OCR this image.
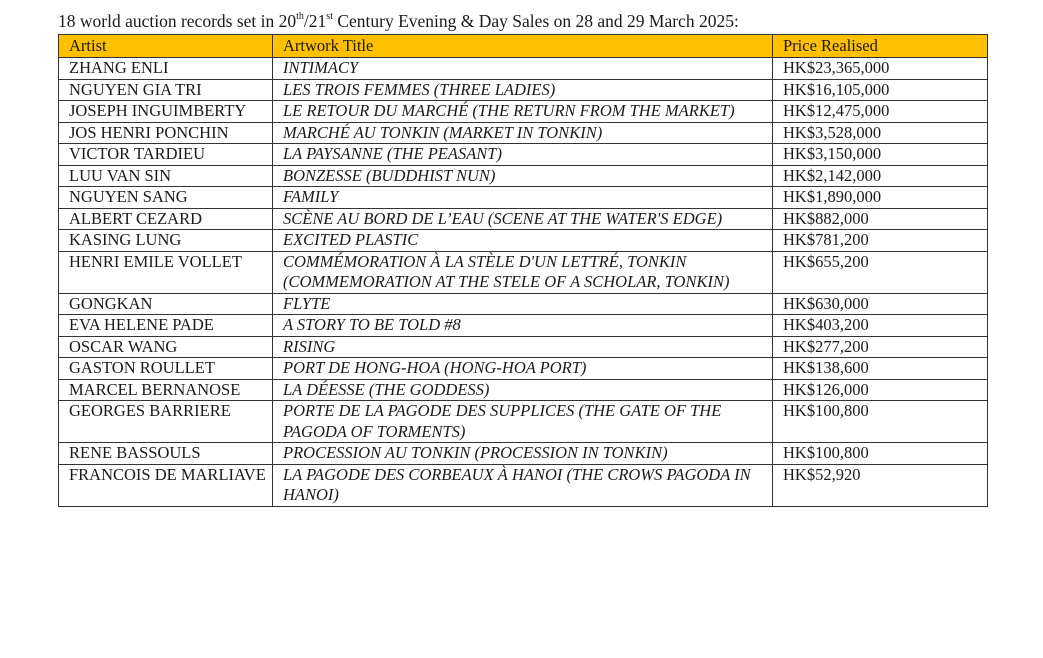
18 world auction records set in 20th/21st Century Evening & Day Sales on 28 and 29 March 2025:
Artist	Artwork Title	Price Realised
ZHANG ENLI	INTIMACY	HK$23,365,000
NGUYEN GIA TRI	LES TROIS FEMMES (THREE LADIES)	HK$16,105,000
JOSEPH INGUIMBERTY	LE RETOUR DU MARCHÉ (THE RETURN FROM THE MARKET)	HK$12,475,000
JOS HENRI PONCHIN	MARCHÉ AU TONKIN (MARKET IN TONKIN)	HK$3,528,000
VICTOR TARDIEU	LA PAYSANNE (THE PEASANT)	HK$3,150,000
LUU VAN SIN	BONZESSE (BUDDHIST NUN)	HK$2,142,000
NGUYEN SANG	FAMILY	HK$1,890,000
ALBERT CEZARD	SCÈNE AU BORD DE L’EAU (SCENE AT THE WATER'S EDGE)	HK$882,000
KASING LUNG	EXCITED PLASTIC	HK$781,200
HENRI EMILE VOLLET	COMMÉMORATION À LA STÈLE D'UN LETTRÉ, TONKIN (COMMEMORATION AT THE STELE OF A SCHOLAR, TONKIN)	HK$655,200
GONGKAN	FLYTE	HK$630,000
EVA HELENE PADE	A STORY TO BE TOLD #8	HK$403,200
OSCAR WANG	RISING	HK$277,200
GASTON ROULLET	PORT DE HONG-HOA (HONG-HOA PORT)	HK$138,600
MARCEL BERNANOSE	LA DÉESSE (THE GODDESS)	HK$126,000
GEORGES BARRIERE	PORTE DE LA PAGODE DES SUPPLICES (THE GATE OF THE PAGODA OF TORMENTS)	HK$100,800
RENE BASSOULS	PROCESSION AU TONKIN (PROCESSION IN TONKIN)	HK$100,800
FRANCOIS DE MARLIAVE	LA PAGODE DES CORBEAUX À HANOI (THE CROWS PAGODA IN HANOI)	HK$52,920
